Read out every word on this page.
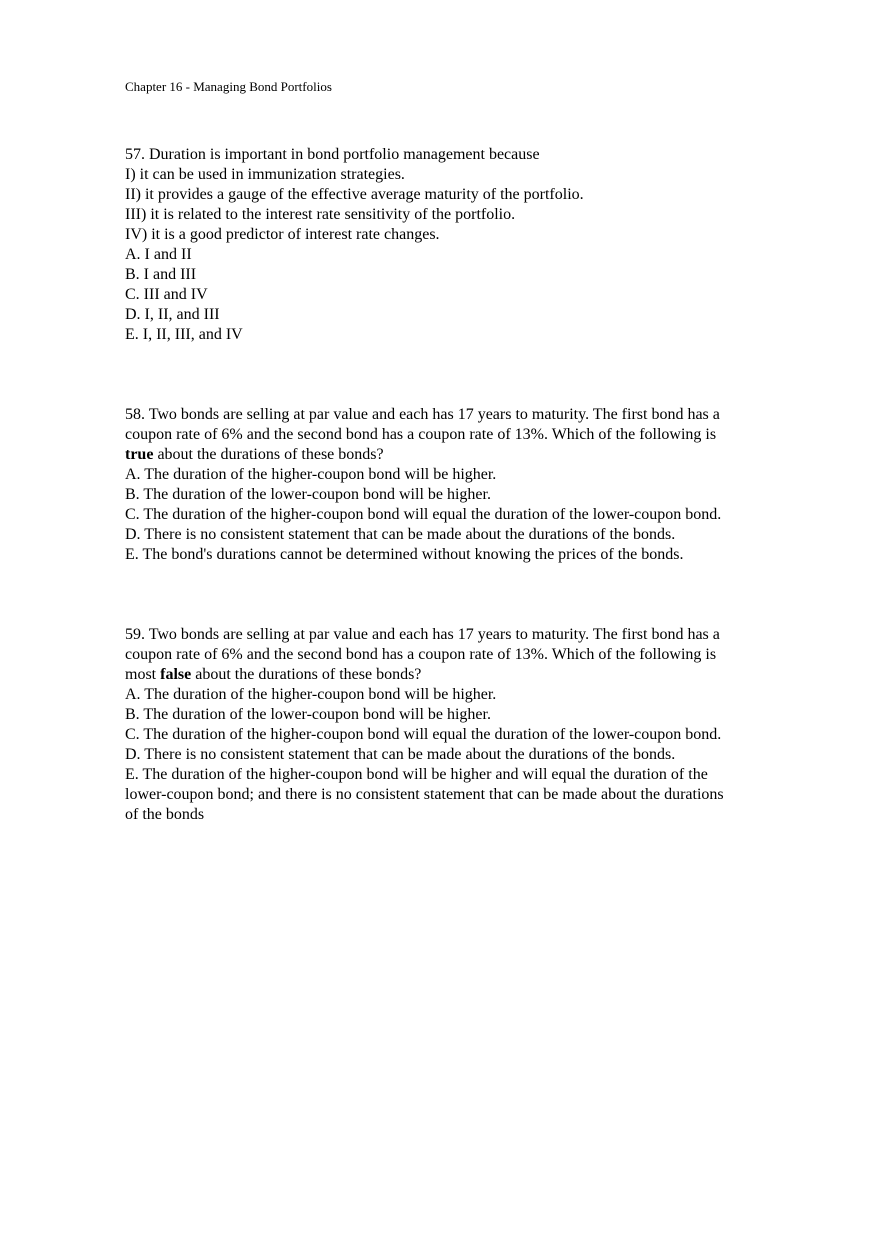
Chapter 16 - Managing Bond Portfolios
57. Duration is important in bond portfolio management because
I) it can be used in immunization strategies.
II) it provides a gauge of the effective average maturity of the portfolio.
III) it is related to the interest rate sensitivity of the portfolio.
IV) it is a good predictor of interest rate changes.
A. I and II
B. I and III
C. III and IV
D. I, II, and III
E. I, II, III, and IV
58. Two bonds are selling at par value and each has 17 years to maturity. The first bond has a
coupon rate of 6% and the second bond has a coupon rate of 13%. Which of the following is
true about the durations of these bonds?
A. The duration of the higher-coupon bond will be higher.
B. The duration of the lower-coupon bond will be higher.
C. The duration of the higher-coupon bond will equal the duration of the lower-coupon bond.
D. There is no consistent statement that can be made about the durations of the bonds.
E. The bond's durations cannot be determined without knowing the prices of the bonds.
59. Two bonds are selling at par value and each has 17 years to maturity. The first bond has a
coupon rate of 6% and the second bond has a coupon rate of 13%. Which of the following is
most false about the durations of these bonds?
A. The duration of the higher-coupon bond will be higher.
B. The duration of the lower-coupon bond will be higher.
C. The duration of the higher-coupon bond will equal the duration of the lower-coupon bond.
D. There is no consistent statement that can be made about the durations of the bonds.
E. The duration of the higher-coupon bond will be higher and will equal the duration of the
lower-coupon bond; and there is no consistent statement that can be made about the durations
of the bonds
